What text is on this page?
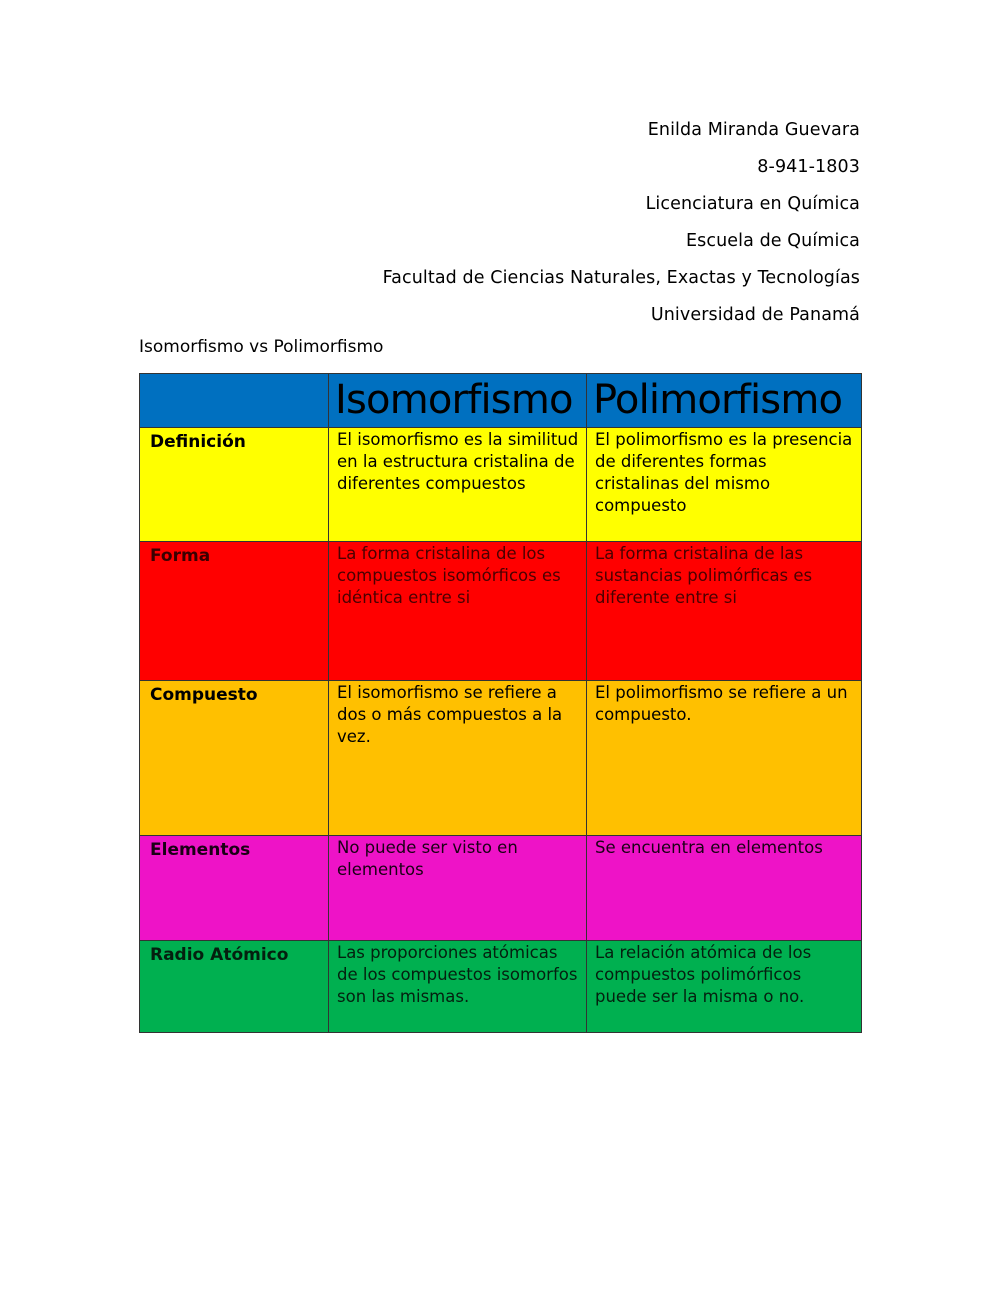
Enilda Miranda Guevara
8-941-1803
Licenciatura en Química
Escuela de Química
Facultad de Ciencias Naturales, Exactas y Tecnologías
Universidad de Panamá
Isomorfismo vs Polimorfismo

	Isomorfismo	Polimorfismo

Definición	El isomorfismo es la similitud en la estructura cristalina de diferentes compuestos	El polimorfismo es la presencia de diferentes formas cristalinas del mismo compuesto
Forma	La forma cristalina de los compuestos isomórficos es idéntica entre si	La forma cristalina de las sustancias polimórficas es diferente entre si
Compuesto	El isomorfismo se refiere a dos o más compuestos a la vez.	El polimorfismo se refiere a un compuesto.
Elementos	No puede ser visto en elementos	Se encuentra en elementos
Radio Atómico	Las proporciones atómicas de los compuestos isomorfos son las mismas.	La relación atómica de los compuestos polimórficos puede ser la misma o no.
